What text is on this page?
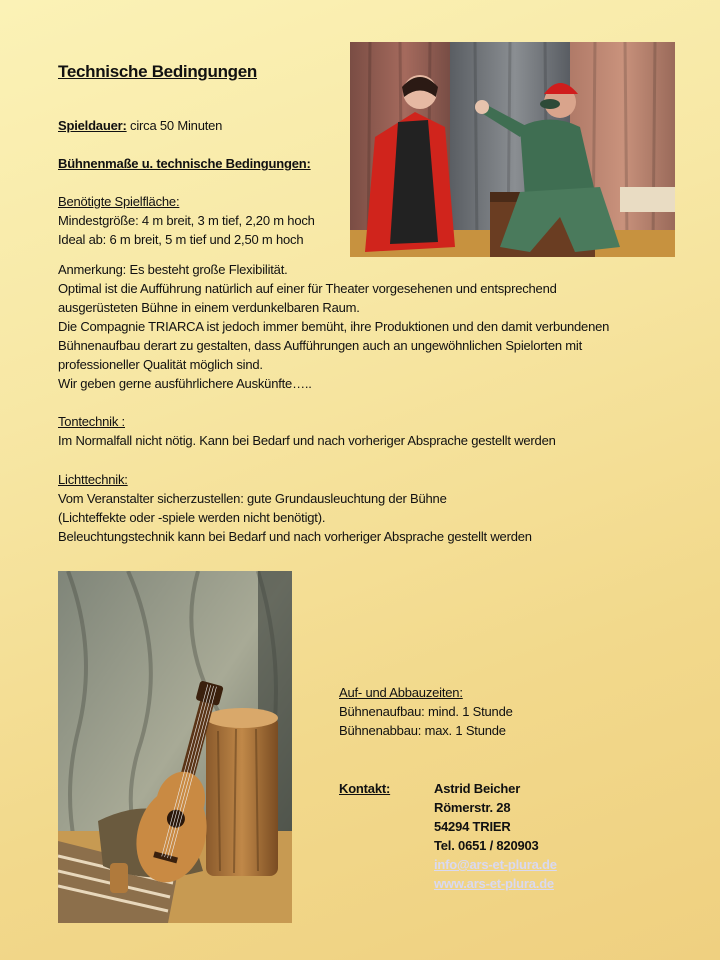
Technische Bedingungen
Spieldauer: circa 50 Minuten
Bühnenmaße u. technische Bedingungen:
Benötigte Spielfläche:
Mindestgröße: 4 m breit, 3 m tief, 2,20 m hoch
Ideal ab: 6 m breit, 5 m tief und 2,50 m hoch
Anmerkung: Es besteht große Flexibilität.
Optimal ist die Aufführung natürlich auf einer für Theater vorgesehenen und entsprechend
ausgerüsteten Bühne in einem verdunkelbaren Raum.
Die Compagnie TRIARCA ist jedoch immer bemüht, ihre Produktionen und den damit verbundenen
Bühnenaufbau derart zu gestalten, dass Aufführungen auch an ungewöhnlichen Spielorten mit
professioneller Qualität möglich sind.
Wir geben gerne ausführlichere Auskünfte…..
Tontechnik :
Im Normalfall nicht nötig. Kann bei Bedarf und nach vorheriger Absprache gestellt werden
Lichttechnik:
Vom Veranstalter sicherzustellen: gute Grundausleuchtung der Bühne
(Lichteffekte oder -spiele werden nicht benötigt).
Beleuchtungstechnik kann bei Bedarf und nach vorheriger Absprache gestellt werden
Auf- und Abbauzeiten:
Bühnenaufbau: mind. 1 Stunde
Bühnenabbau: max. 1 Stunde
Kontakt:	Astrid Beicher
Römerstr. 28
54294 TRIER
Tel. 0651 / 820903
info@ars-et-plura.de
www.ars-et-plura.de
